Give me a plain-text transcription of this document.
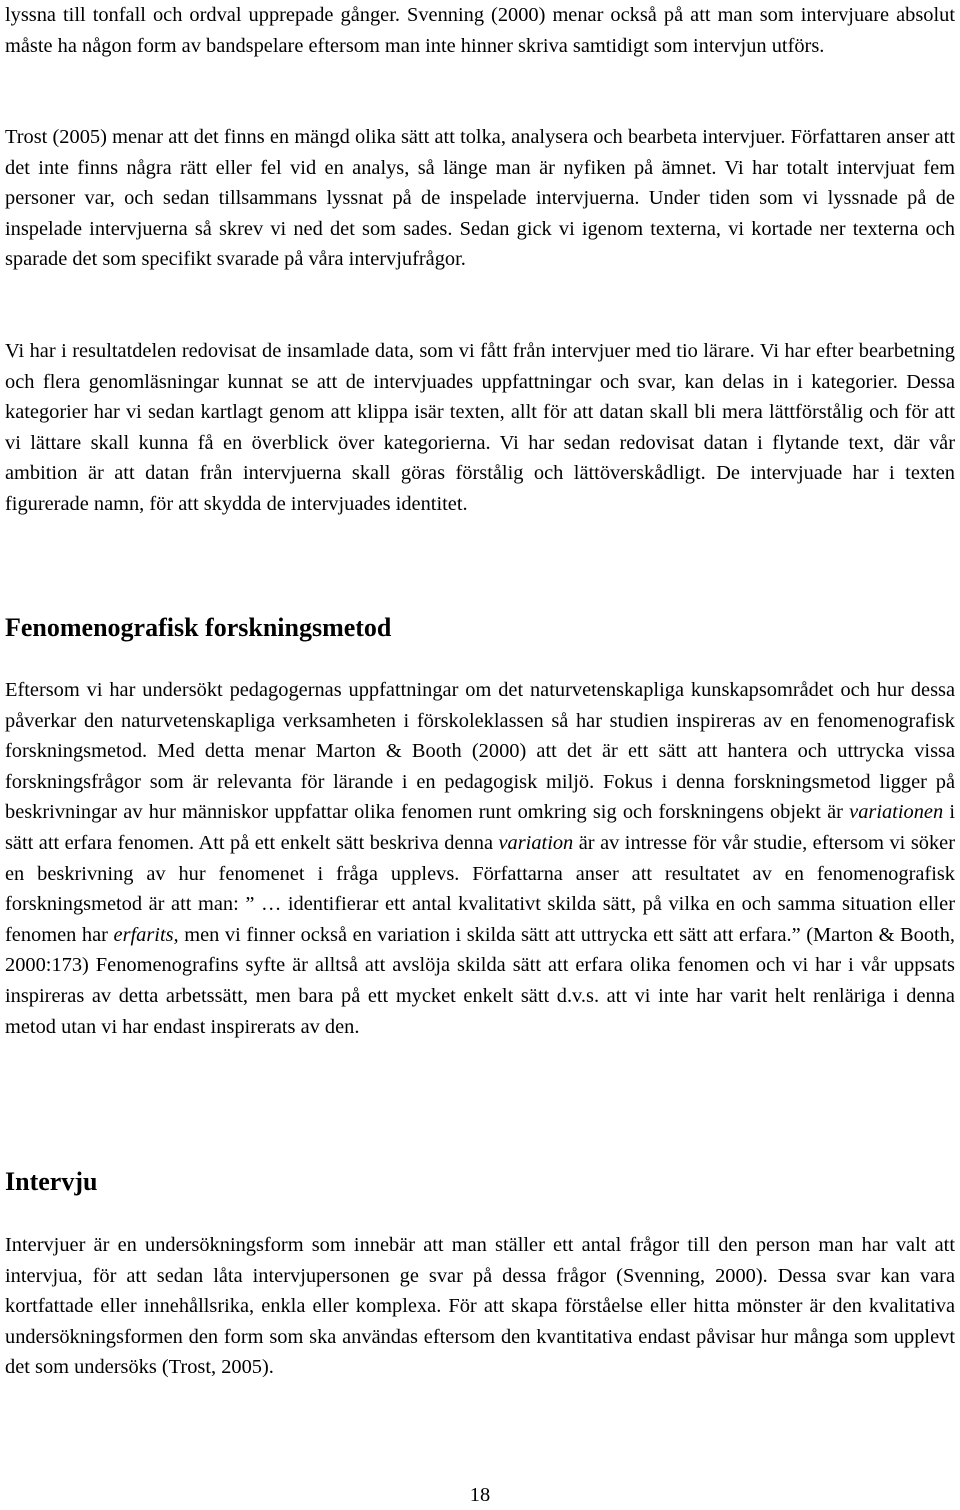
lyssna till tonfall och ordval upprepade gånger. Svenning (2000) menar också på att man som intervjuare absolut måste ha någon form av bandspelare eftersom man inte hinner skriva samtidigt som intervjun utförs.

Trost (2005) menar att det finns en mängd olika sätt att tolka, analysera och bearbeta intervjuer. Författaren anser att det inte finns några rätt eller fel vid en analys, så länge man är nyfiken på ämnet. Vi har totalt intervjuat fem personer var, och sedan tillsammans lyssnat på de inspelade intervjuerna. Under tiden som vi lyssnade på de inspelade intervjuerna så skrev vi ned det som sades. Sedan gick vi igenom texterna, vi kortade ner texterna och sparade det som specifikt svarade på våra intervjufrågor.

Vi har i resultatdelen redovisat de insamlade data, som vi fått från intervjuer med tio lärare. Vi har efter bearbetning och flera genomläsningar kunnat se att de intervjuades uppfattningar och svar, kan delas in i kategorier. Dessa kategorier har vi sedan kartlagt genom att klippa isär texten, allt för att datan skall bli mera lättförstålig och för att vi lättare skall kunna få en överblick över kategorierna. Vi har sedan redovisat datan i flytande text, där vår ambition är att datan från intervjuerna skall göras förstålig och lättöverskådligt. De intervjuade har i texten figurerade namn, för att skydda de intervjuades identitet.

Fenomenografisk forskningsmetod

Eftersom vi har undersökt pedagogernas uppfattningar om det naturvetenskapliga kunskapsområdet och hur dessa påverkar den naturvetenskapliga verksamheten i förskoleklassen så har studien inspireras av en fenomenografisk forskningsmetod. Med detta menar Marton & Booth (2000) att det är ett sätt att hantera och uttrycka vissa forskningsfrågor som är relevanta för lärande i en pedagogisk miljö. Fokus i denna forskningsmetod ligger på beskrivningar av hur människor uppfattar olika fenomen runt omkring sig och forskningens objekt är variationen i sätt att erfara fenomen. Att på ett enkelt sätt beskriva denna variation är av intresse för vår studie, eftersom vi söker en beskrivning av hur fenomenet i fråga upplevs. Författarna anser att resultatet av en fenomenografisk forskningsmetod är att man: ” … identifierar ett antal kvalitativt skilda sätt, på vilka en och samma situation eller fenomen har erfarits, men vi finner också en variation i skilda sätt att uttrycka ett sätt att erfara.” (Marton & Booth, 2000:173) Fenomenografins syfte är alltså att avslöja skilda sätt att erfara olika fenomen och vi har i vår uppsats inspireras av detta arbetssätt, men bara på ett mycket enkelt sätt d.v.s. att vi inte har varit helt renläriga i denna metod utan vi har endast inspirerats av den.

Intervju

Intervjuer är en undersökningsform som innebär att man ställer ett antal frågor till den person man har valt att intervjua, för att sedan låta intervjupersonen ge svar på dessa frågor (Svenning, 2000). Dessa svar kan vara kortfattade eller innehållsrika, enkla eller komplexa. För att skapa förståelse eller hitta mönster är den kvalitativa undersökningsformen den form som ska användas eftersom den kvantitativa endast påvisar hur många som upplevt det som undersöks (Trost, 2005).

18
